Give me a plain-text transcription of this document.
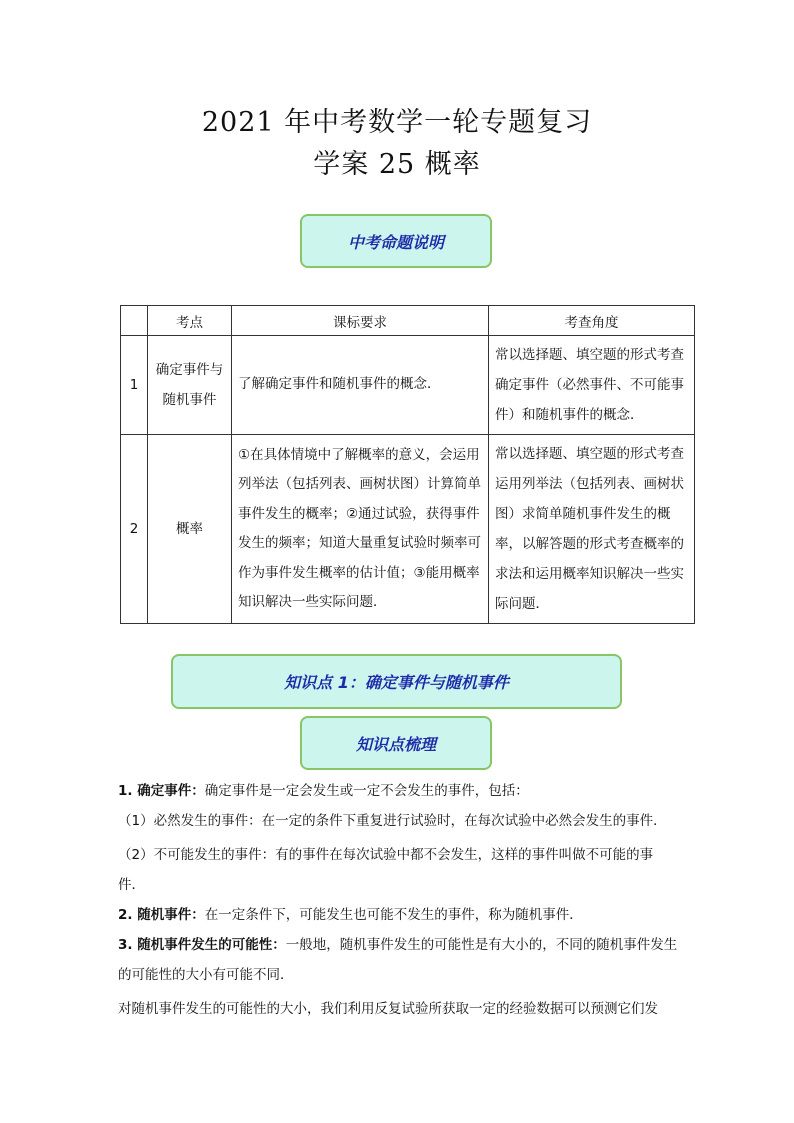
2021 年中考数学一轮专题复习
学案 25 概率
中考命题说明
	考点	课标要求	考查角度
1	确定事件与随机事件	了解确定事件和随机事件的概念．	常以选择题、填空题的形式考查确定事件（必然事件、不可能事件）和随机事件的概念．
2	概率	①在具体情境中了解概率的意义，会运用列举法（包括列表、画树状图）计算简单事件发生的概率；②通过试验，获得事件发生的频率；知道大量重复试验时频率可作为事件发生概率的估计值；③能用概率知识解决一些实际问题．	常以选择题、填空题的形式考查运用列举法（包括列表、画树状图）求简单随机事件发生的概率，以解答题的形式考查概率的求法和运用概率知识解决一些实际问题．
知识点 1：确定事件与随机事件
知识点梳理
1. 确定事件：确定事件是一定会发生或一定不会发生的事件，包括：
（1）必然发生的事件：在一定的条件下重复进行试验时，在每次试验中必然会发生的事件．
（2）不可能发生的事件：有的事件在每次试验中都不会发生，这样的事件叫做不可能的事件．
2. 随机事件：在一定条件下，可能发生也可能不发生的事件，称为随机事件．
3. 随机事件发生的可能性：一般地，随机事件发生的可能性是有大小的，不同的随机事件发生的可能性的大小有可能不同．
对随机事件发生的可能性的大小，我们利用反复试验所获取一定的经验数据可以预测它们发
